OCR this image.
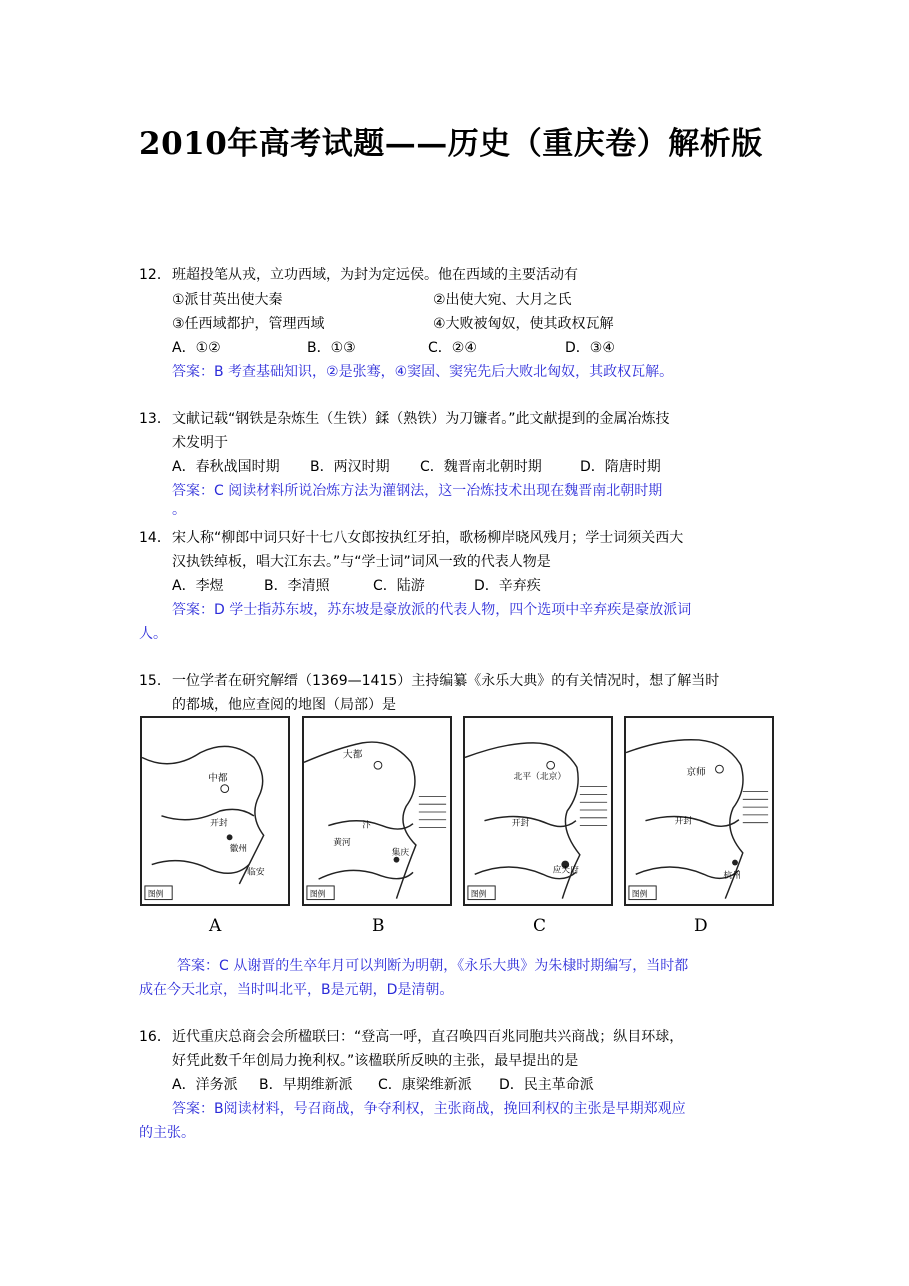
2010年高考试题——历史（重庆卷）解析版
12．班超投笔从戎，立功西域，为封为定远侯。他在西域的主要活动有
①派甘英出使大秦	②出使大宛、大月之氏
③任西域都护，管理西域	④大败被匈奴，使其政权瓦解
A．①②	B．①③	C．②④	D．③④
答案：B 考查基础知识，②是张骞，④窦固、窦宪先后大败北匈奴，其政权瓦解。
13．文献记载“钢铁是杂炼生（生铁）鍒（熟铁）为刀镰者。”此文献提到的金属冶炼技
术发明于
A．春秋战国时期 B．两汉时期 C．魏晋南北朝时期	D．隋唐时期
答案：C 阅读材料所说冶炼方法为灌钢法，这一冶炼技术出现在魏晋南北朝时期
。
14．宋人称“柳郎中词只好十七八女郎按执红牙拍，歌杨柳岸晓风残月；学士词须关西大
汉执铁绰板，唱大江东去。”与“学士词”词风一致的代表人物是
A．李煜	B．李清照	C．陆游	D．辛弃疾
答案：D 学士指苏东坡，苏东坡是豪放派的代表人物，四个选项中辛弃疾是豪放派词
人。
15．一位学者在研究解缙（1369—1415）主持编纂《永乐大典》的有关情况时，想了解当时
的都城，他应查阅的地图（局部）是
中都
开封
徽州
临安
图例
大都
汴
黄河
集庆
图例
北平（北京）
开封
应天府
图例
京师
开封
杭州
图例
A	B	C	D
答案：C 从谢晋的生卒年月可以判断为明朝，《永乐大典》为朱棣时期编写，当时都
成在今天北京，当时叫北平，B是元朝，D是清朝。
16．近代重庆总商会会所楹联曰：“登高一呼，直召唤四百兆同胞共兴商战；纵目环球，
好凭此数千年创局力挽利权。”该楹联所反映的主张，最早提出的是
A．洋务派 B．早期维新派 C．康梁维新派 D．民主革命派
答案：B阅读材料，号召商战，争夺利权，主张商战，挽回利权的主张是早期郑观应
的主张。
